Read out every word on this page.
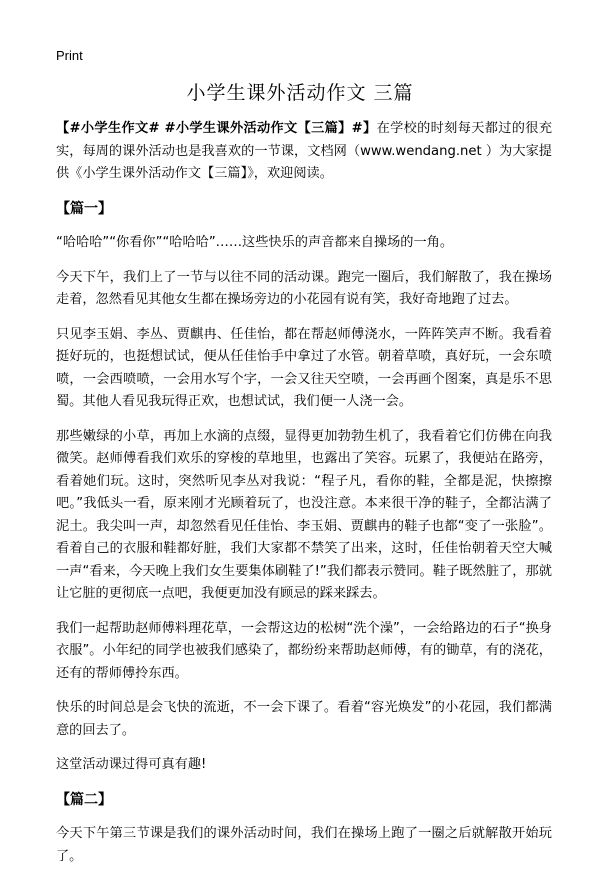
Print
小学生课外活动作文 三篇

【#小学生作文# #小学生课外活动作文【三篇】#】在学校的时刻每天都过的很充实，每周的课外活动也是我喜欢的一节课，文档网（www.wendang.net ）为大家提供《小学生课外活动作文【三篇】》，欢迎阅读。

【篇一】

“哈哈哈”“你看你”“哈哈哈”……这些快乐的声音都来自操场的一角。

今天下午，我们上了一节与以往不同的活动课。跑完一圈后，我们解散了，我在操场走着，忽然看见其他女生都在操场旁边的小花园有说有笑，我好奇地跑了过去。

只见李玉娟、李丛、贾麒冉、任佳怡，都在帮赵师傅浇水，一阵阵笑声不断。我看着挺好玩的，也挺想试试，便从任佳怡手中拿过了水管。朝着草喷，真好玩，一会东喷喷，一会西喷喷，一会用水写个字，一会又往天空喷，一会再画个图案，真是乐不思蜀。其他人看见我玩得正欢，也想试试，我们便一人浇一会。

那些嫩绿的小草，再加上水滴的点缀，显得更加勃勃生机了，我看着它们仿佛在向我微笑。赵师傅看我们欢乐的穿梭的草地里，也露出了笑容。玩累了，我便站在路旁，看着她们玩。这时，突然听见李丛对我说：“程子凡，看你的鞋，全都是泥，快擦擦吧。”我低头一看，原来刚才光顾着玩了，也没注意。本来很干净的鞋子，全都沾满了泥土。我尖叫一声，却忽然看见任佳怡、李玉娟、贾麒冉的鞋子也都“变了一张脸”。看着自己的衣服和鞋都好脏，我们大家都不禁笑了出来，这时，任佳怡朝着天空大喊一声“看来，今天晚上我们女生要集体刷鞋了!”我们都表示赞同。鞋子既然脏了，那就让它脏的更彻底一点吧，我便更加没有顾忌的踩来踩去。

我们一起帮助赵师傅料理花草，一会帮这边的松树“洗个澡”，一会给路边的石子“换身衣服”。小年纪的同学也被我们感染了，都纷纷来帮助赵师傅，有的锄草，有的浇花，还有的帮师傅拎东西。

快乐的时间总是会飞快的流逝，不一会下课了。看着“容光焕发”的小花园，我们都满意的回去了。

这堂活动课过得可真有趣!

【篇二】

今天下午第三节课是我们的课外活动时间，我们在操场上跑了一圈之后就解散开始玩了。
